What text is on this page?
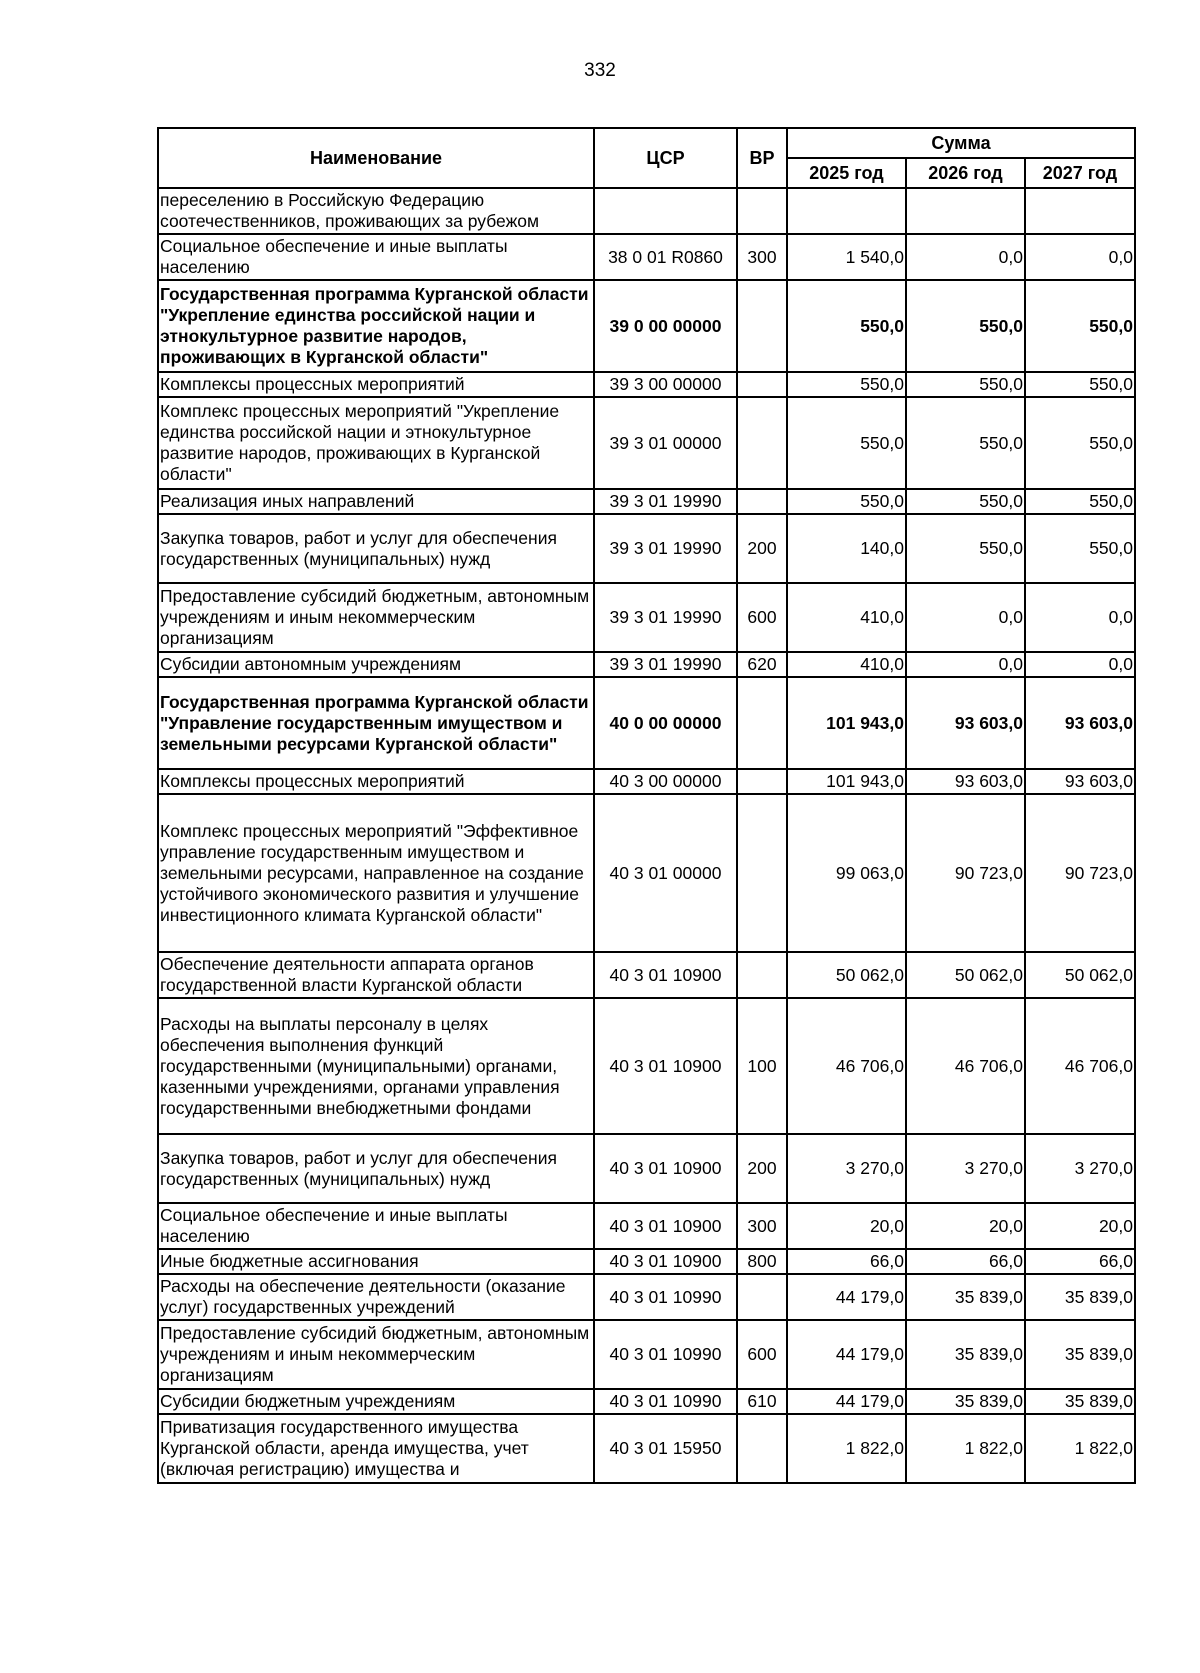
332
Наименование	ЦСР	ВР	Сумма		
			2025 год	2026 год	2027 год
переселению в Российскую Федерацию соотечественников, проживающих за рубежом					
Социальное обеспечение и иные выплаты населению	38 0 01 R0860	300	1 540,0	0,0	0,0
Государственная программа Курганской области "Укрепление единства российской нации и этнокультурное развитие народов, проживающих в Курганской области"	39 0 00 00000		550,0	550,0	550,0
Комплексы процессных мероприятий	39 3 00 00000		550,0	550,0	550,0
Комплекс процессных мероприятий "Укрепление единства российской нации и этнокультурное развитие народов, проживающих в Курганской области"	39 3 01 00000		550,0	550,0	550,0
Реализация иных направлений	39 3 01 19990		550,0	550,0	550,0
Закупка товаров, работ и услуг для обеспечения государственных (муниципальных) нужд	39 3 01 19990	200	140,0	550,0	550,0
Предоставление субсидий бюджетным, автономным учреждениям и иным некоммерческим организациям	39 3 01 19990	600	410,0	0,0	0,0
Субсидии автономным учреждениям	39 3 01 19990	620	410,0	0,0	0,0
Государственная программа Курганской области "Управление государственным имуществом и земельными ресурсами Курганской области"	40 0 00 00000		101 943,0	93 603,0	93 603,0
Комплексы процессных мероприятий	40 3 00 00000		101 943,0	93 603,0	93 603,0
Комплекс процессных мероприятий "Эффективное управление государственным имуществом и земельными ресурсами, направленное на создание устойчивого экономического развития и улучшение инвестиционного климата Курганской области"	40 3 01 00000		99 063,0	90 723,0	90 723,0
Обеспечение деятельности аппарата органов государственной власти Курганской области	40 3 01 10900		50 062,0	50 062,0	50 062,0
Расходы на выплаты персоналу в целях обеспечения выполнения функций государственными (муниципальными) органами, казенными учреждениями, органами управления государственными внебюджетными фондами	40 3 01 10900	100	46 706,0	46 706,0	46 706,0
Закупка товаров, работ и услуг для обеспечения государственных (муниципальных) нужд	40 3 01 10900	200	3 270,0	3 270,0	3 270,0
Социальное обеспечение и иные выплаты населению	40 3 01 10900	300	20,0	20,0	20,0
Иные бюджетные ассигнования	40 3 01 10900	800	66,0	66,0	66,0
Расходы на обеспечение деятельности (оказание услуг) государственных учреждений	40 3 01 10990		44 179,0	35 839,0	35 839,0
Предоставление субсидий бюджетным, автономным учреждениям и иным некоммерческим организациям	40 3 01 10990	600	44 179,0	35 839,0	35 839,0
Субсидии бюджетным учреждениям	40 3 01 10990	610	44 179,0	35 839,0	35 839,0
Приватизация государственного имущества Курганской области, аренда имущества, учет (включая регистрацию) имущества и	40 3 01 15950		1 822,0	1 822,0	1 822,0
